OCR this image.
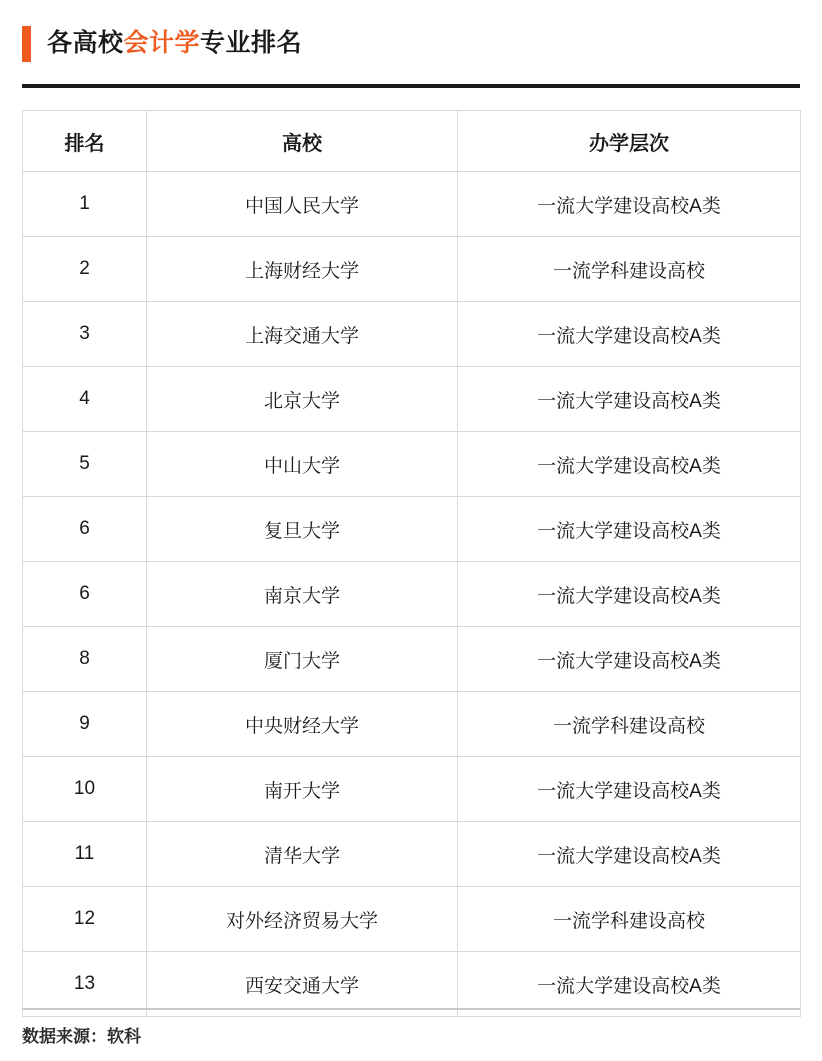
各高校会计学专业排名
排名	高校	办学层次
1	中国人民大学	一流大学建设高校A类
2	上海财经大学	一流学科建设高校
3	上海交通大学	一流大学建设高校A类
4	北京大学	一流大学建设高校A类
5	中山大学	一流大学建设高校A类
6	复旦大学	一流大学建设高校A类
6	南京大学	一流大学建设高校A类
8	厦门大学	一流大学建设高校A类
9	中央财经大学	一流学科建设高校
10	南开大学	一流大学建设高校A类
11	清华大学	一流大学建设高校A类
12	对外经济贸易大学	一流学科建设高校
13	西安交通大学	一流大学建设高校A类
数据来源：软科
